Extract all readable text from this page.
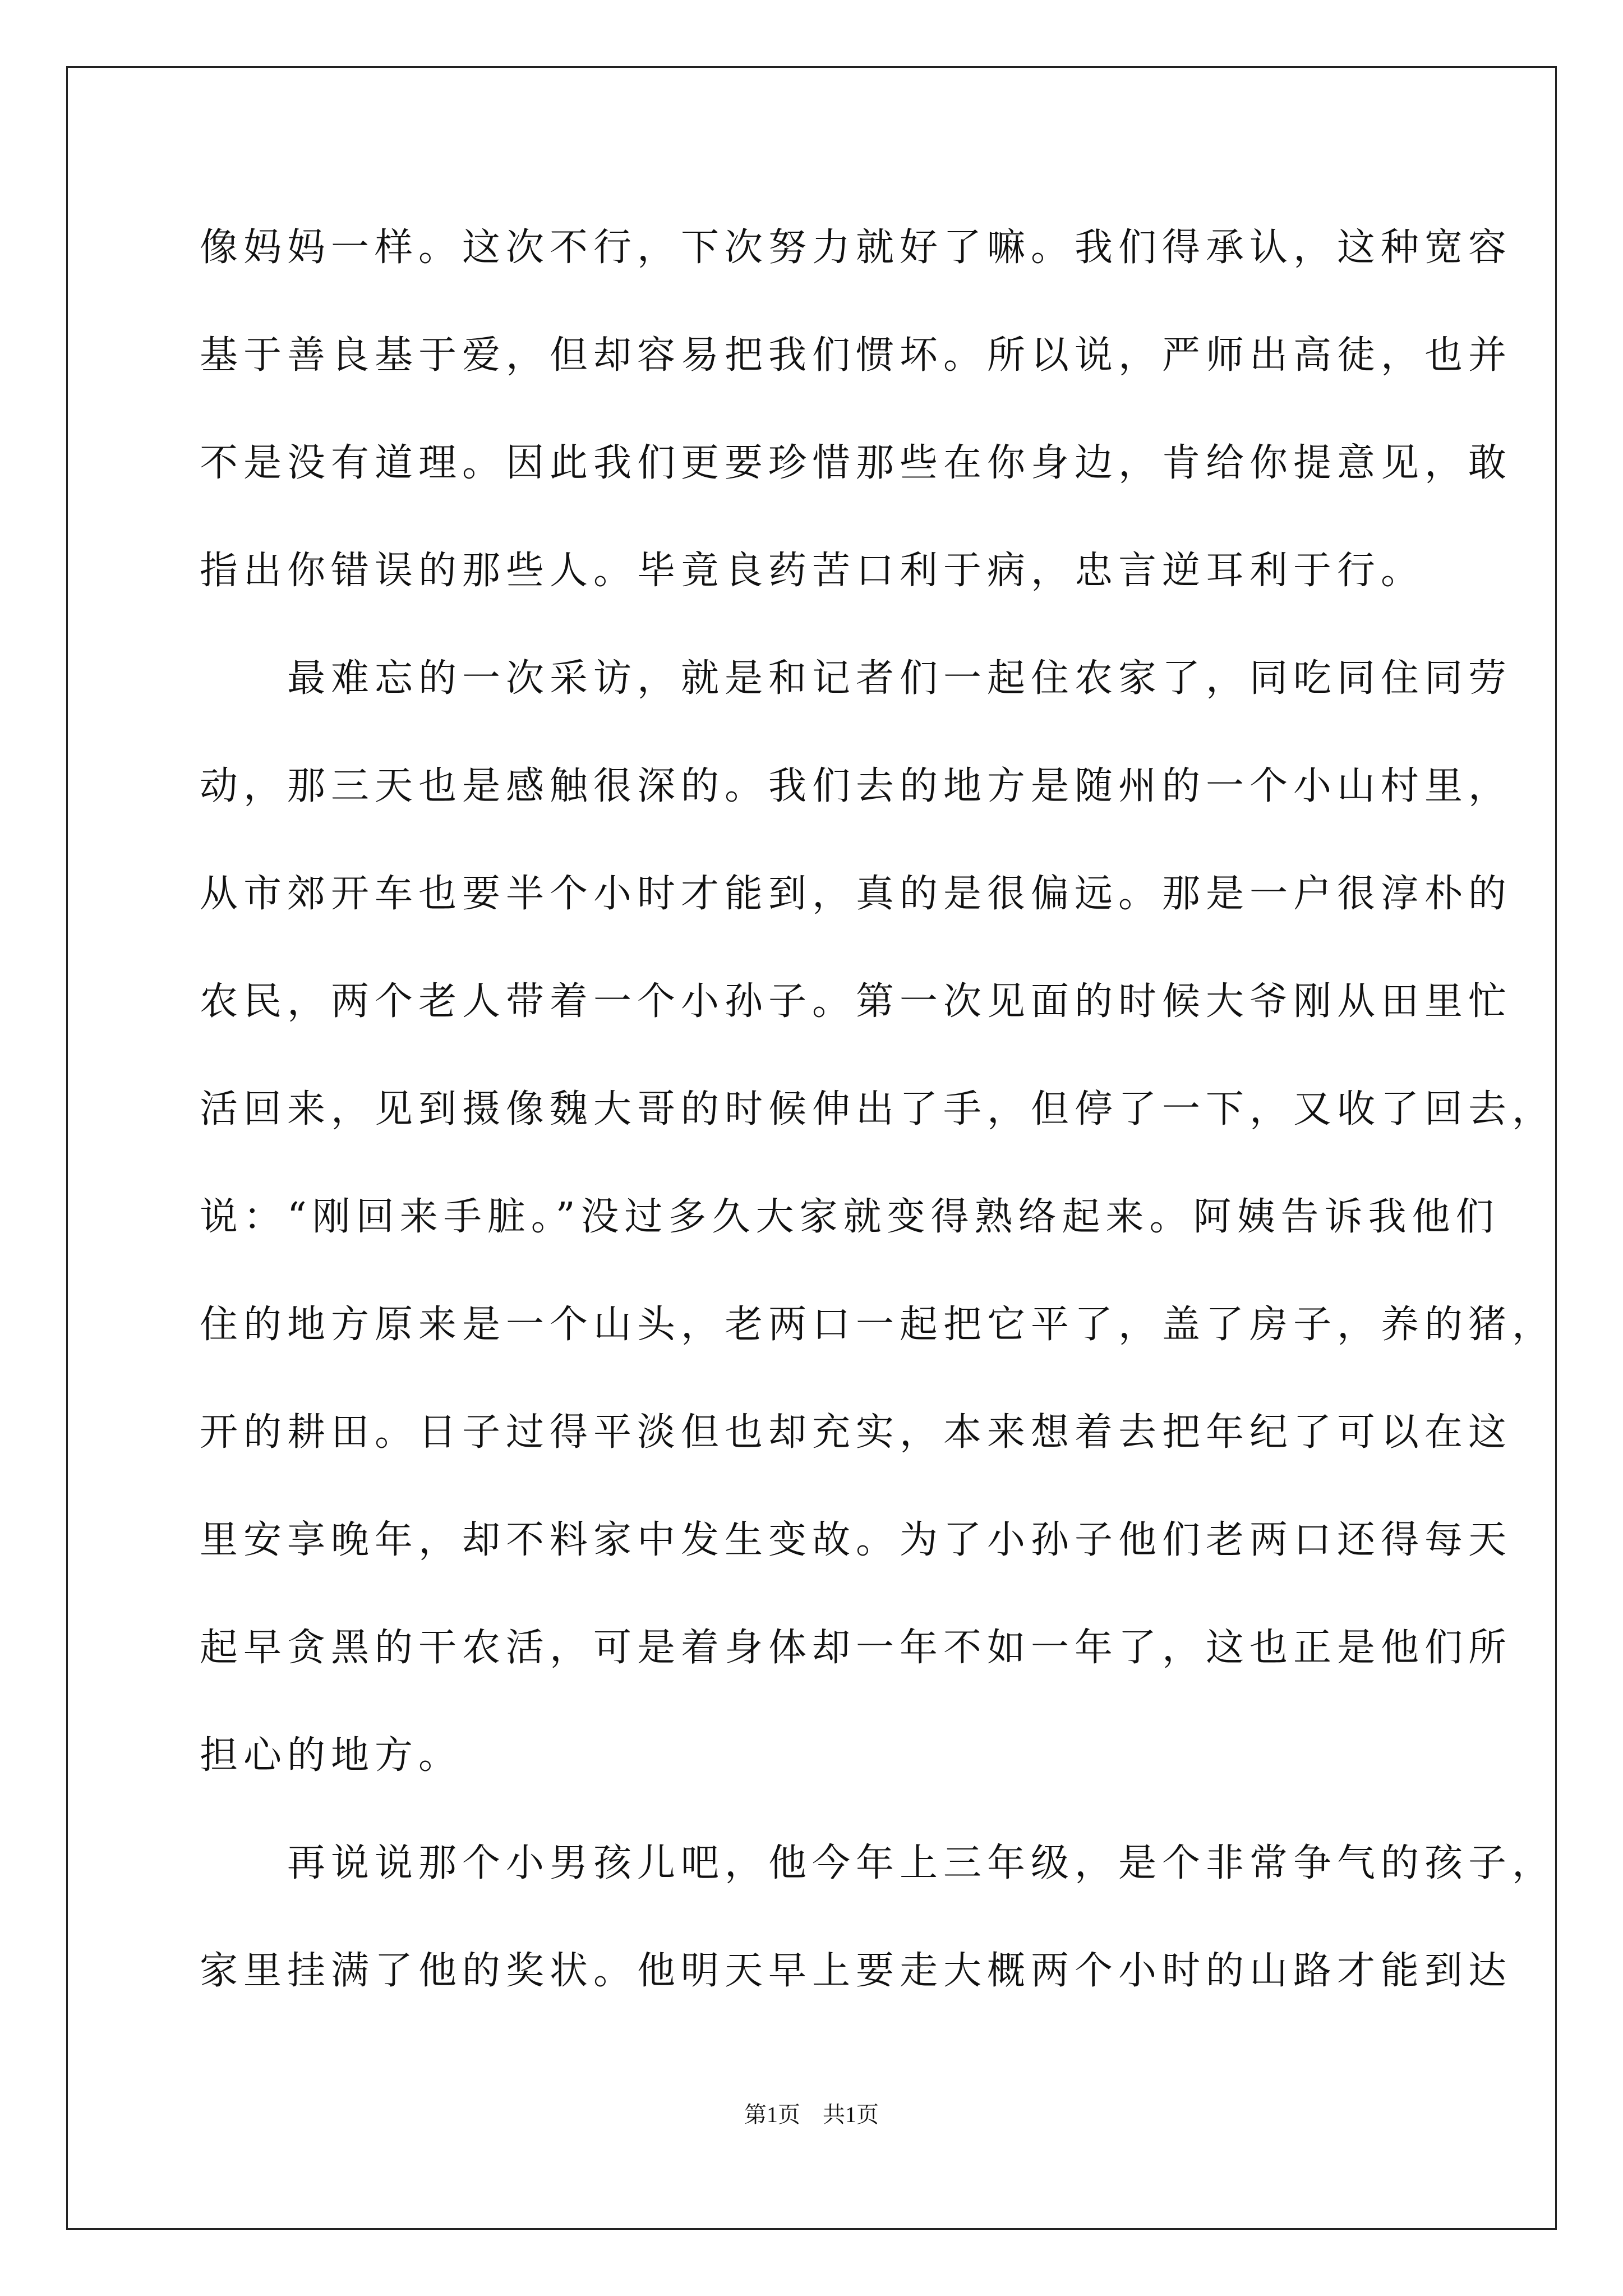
像妈妈一样。这次不行，下次努力就好了嘛。我们得承认，这种宽容
基于善良基于爱，但却容易把我们惯坏。所以说，严师出高徒，也并
不是没有道理。因此我们更要珍惜那些在你身边，肯给你提意见，敢
指出你错误的那些人。毕竟良药苦口利于病，忠言逆耳利于行。
　　最难忘的一次采访，就是和记者们一起住农家了，同吃同住同劳
动，那三天也是感触很深的。我们去的地方是随州的一个小山村里，
从市郊开车也要半个小时才能到，真的是很偏远。那是一户很淳朴的
农民，两个老人带着一个小孙子。第一次见面的时候大爷刚从田里忙
活回来，见到摄像魏大哥的时候伸出了手，但停了一下，又收了回去，
说：“刚回来手脏。”没过多久大家就变得熟络起来。阿姨告诉我他们
住的地方原来是一个山头，老两口一起把它平了，盖了房子，养的猪，
开的耕田。日子过得平淡但也却充实，本来想着去把年纪了可以在这
里安享晚年，却不料家中发生变故。为了小孙子他们老两口还得每天
起早贪黑的干农活，可是着身体却一年不如一年了，这也正是他们所
担心的地方。
　　再说说那个小男孩儿吧，他今年上三年级，是个非常争气的孩子，
家里挂满了他的奖状。他明天早上要走大概两个小时的山路才能到达
第1页　共1页
